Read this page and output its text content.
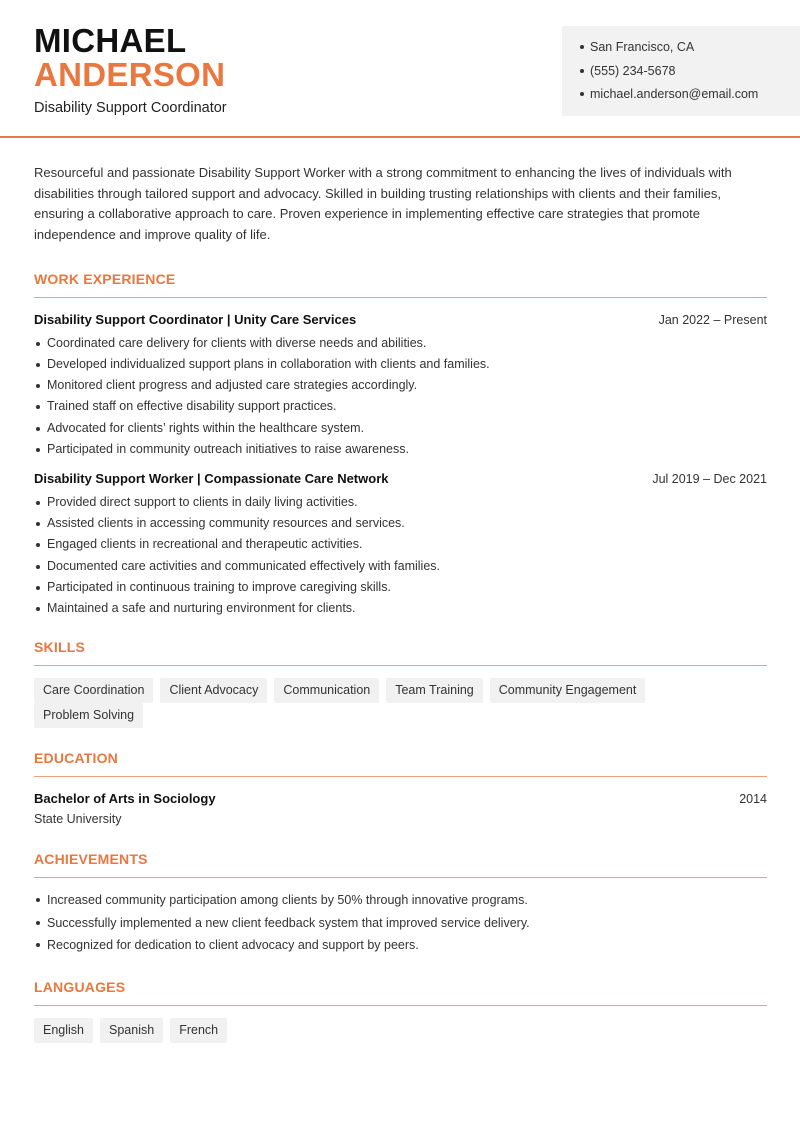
MICHAEL
ANDERSON
Disability Support Coordinator
San Francisco, CA
(555) 234-5678
michael.anderson@email.com

Resourceful and passionate Disability Support Worker with a strong commitment to enhancing the lives of individuals with disabilities through tailored support and advocacy. Skilled in building trusting relationships with clients and their families, ensuring a collaborative approach to care. Proven experience in implementing effective care strategies that promote independence and improve quality of life.

WORK EXPERIENCE
Disability Support Coordinator | Unity Care Services	Jan 2022 – Present
Coordinated care delivery for clients with diverse needs and abilities.
Developed individualized support plans in collaboration with clients and families.
Monitored client progress and adjusted care strategies accordingly.
Trained staff on effective disability support practices.
Advocated for clients’ rights within the healthcare system.
Participated in community outreach initiatives to raise awareness.
Disability Support Worker | Compassionate Care Network	Jul 2019 – Dec 2021
Provided direct support to clients in daily living activities.
Assisted clients in accessing community resources and services.
Engaged clients in recreational and therapeutic activities.
Documented care activities and communicated effectively with families.
Participated in continuous training to improve caregiving skills.
Maintained a safe and nurturing environment for clients.
SKILLS
Care Coordination	Client Advocacy	Communication	Team Training	Community Engagement
Problem Solving
EDUCATION
Bachelor of Arts in Sociology	2014
State University
ACHIEVEMENTS
Increased community participation among clients by 50% through innovative programs.
Successfully implemented a new client feedback system that improved service delivery.
Recognized for dedication to client advocacy and support by peers.
LANGUAGES
English	Spanish	French
